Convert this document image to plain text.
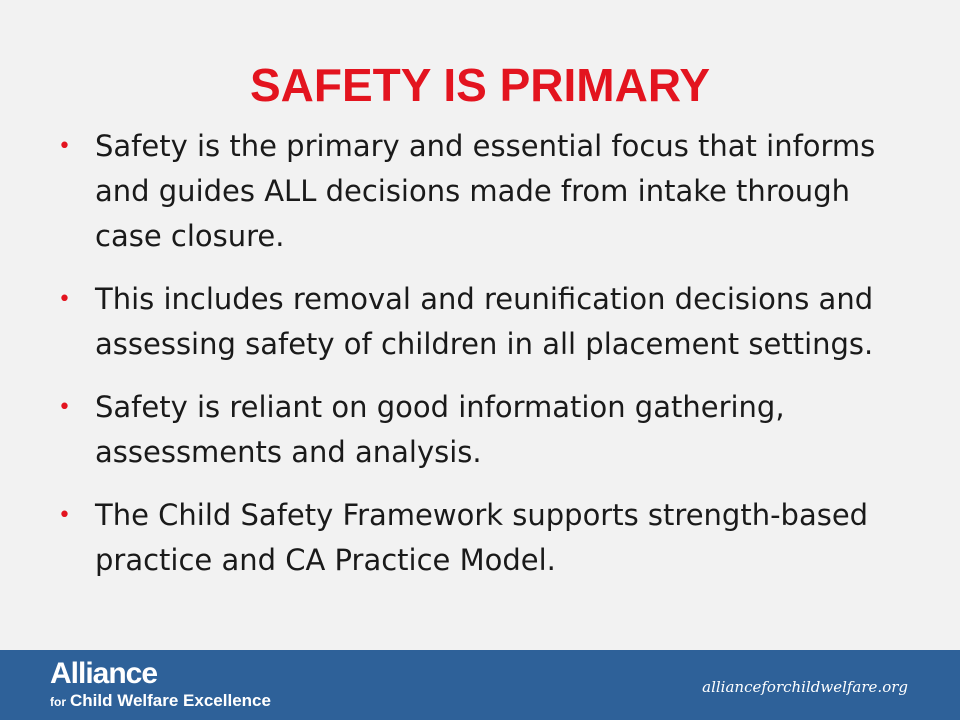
SAFETY IS PRIMARY
• Safety is the primary and essential focus that informs and guides ALL decisions made from intake through case closure.
• This includes removal and reunification decisions and assessing safety of children in all placement settings.
• Safety is reliant on good information gathering, assessments and analysis.
• The Child Safety Framework supports strength-based practice and CA Practice Model.
Alliance
for Child Welfare Excellence
allianceforchildwelfare.org
